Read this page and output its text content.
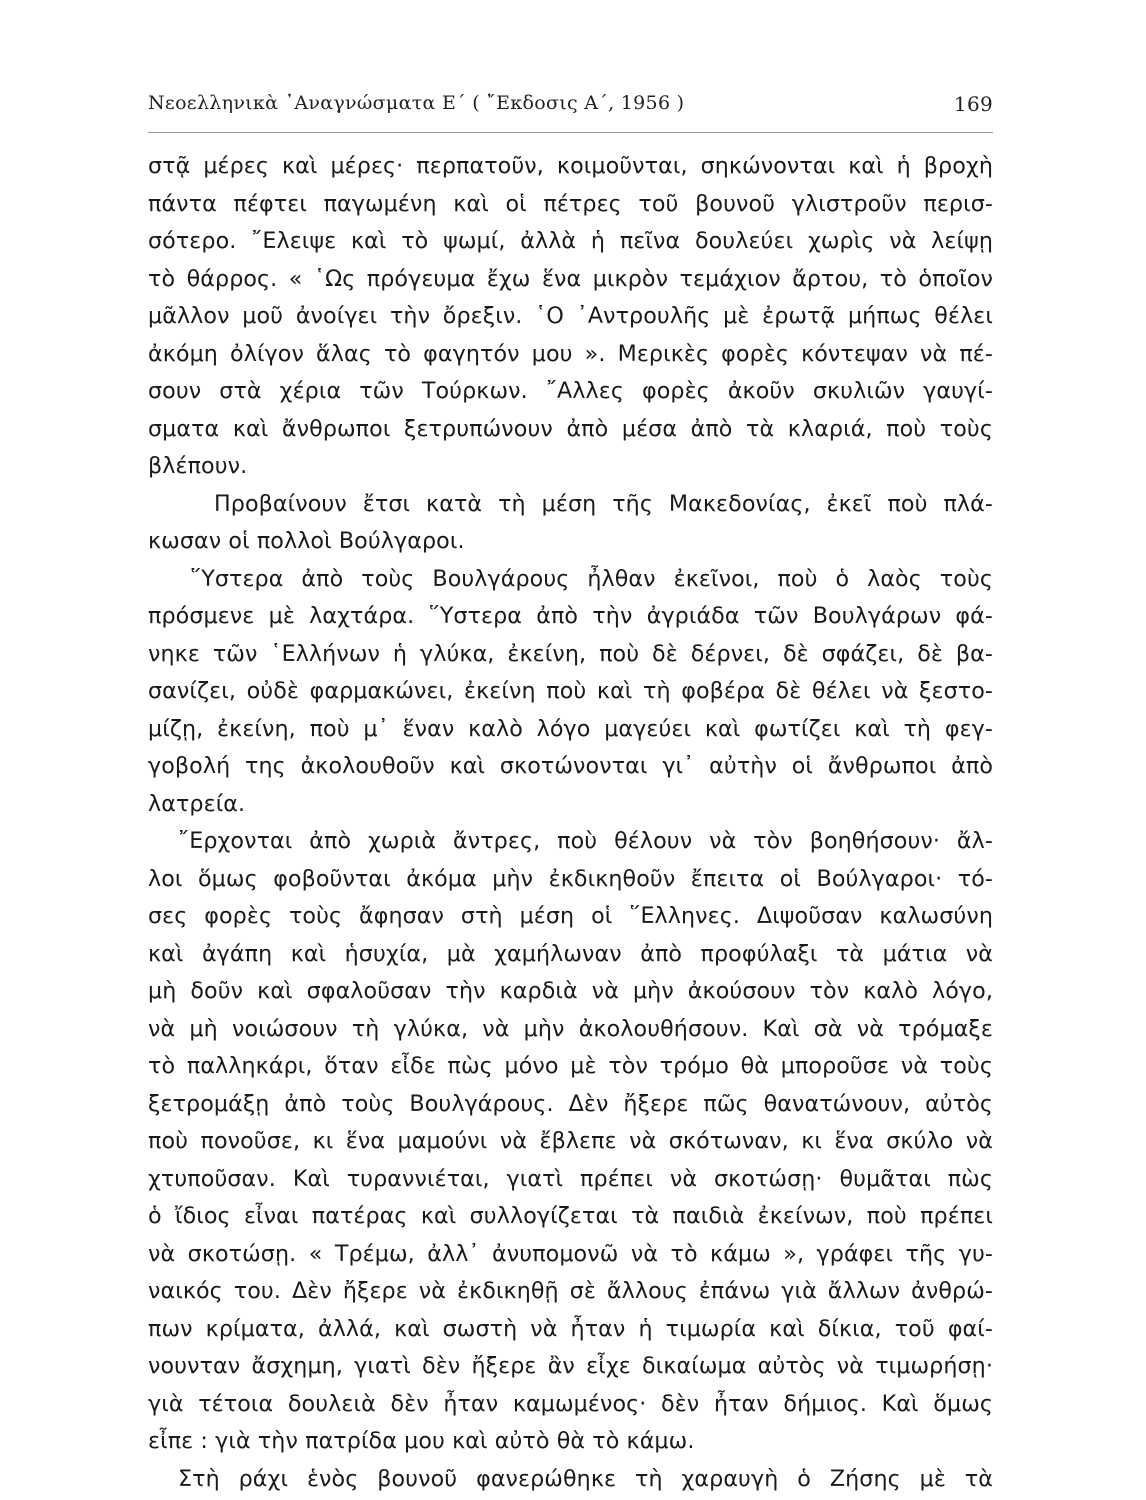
Νεοελληνικὰ ᾿Αναγνώσματα Ε΄ ( ῎Εκδοσις Α΄, 1956 )	169
στᾷ μέρες καὶ μέρες· περπατοῦν, κοιμοῦνται, σηκώνονται καὶ ἡ βροχὴ
πάντα πέφτει παγωμένη καὶ οἱ πέτρες τοῦ βουνοῦ γλιστροῦν περισ-
σότερο. ῎Ελειψε καὶ τὸ ψωμί, ἀλλὰ ἡ πεῖνα δουλεύει χωρὶς νὰ λείψῃ
τὸ θάρρος. « ῾Ως πρόγευμα ἔχω ἕνα μικρὸν τεμάχιον ἄρτου, τὸ ὁποῖον
μᾶλλον μοῦ ἀνοίγει τὴν ὄρεξιν. ῾Ο ᾿Αντρουλῆς μὲ ἐρωτᾷ μήπως θέλει
ἀκόμη ὀλίγον ἅλας τὸ φαγητόν μου ». Μερικὲς φορὲς κόντεψαν νὰ πέ-
σουν στὰ χέρια τῶν Τούρκων. ῎Αλλες φορὲς ἀκοῦν σκυλιῶν γαυγί-
σματα καὶ ἄνθρωποι ξετρυπώνουν ἀπὸ μέσα ἀπὸ τὰ κλαριά, ποὺ τοὺς
βλέπουν.
Προβαίνουν ἔτσι κατὰ τὴ μέση τῆς Μακεδονίας, ἐκεῖ ποὺ πλά-
κωσαν οἱ πολλοὶ Βούλγαροι.
῞Υστερα ἀπὸ τοὺς Βουλγάρους ἦλθαν ἐκεῖνοι, ποὺ ὁ λαὸς τοὺς
πρόσμενε μὲ λαχτάρα. ῞Υστερα ἀπὸ τὴν ἀγριάδα τῶν Βουλγάρων φά-
νηκε τῶν ῾Ελλήνων ἡ γλύκα, ἐκείνη, ποὺ δὲ δέρνει, δὲ σφάζει, δὲ βα-
σανίζει, οὐδὲ φαρμακώνει, ἐκείνη ποὺ καὶ τὴ φοβέρα δὲ θέλει νὰ ξεστο-
μίζῃ, ἐκείνη, ποὺ μ᾿ ἕναν καλὸ λόγο μαγεύει καὶ φωτίζει καὶ τὴ φεγ-
γοβολή της ἀκολουθοῦν καὶ σκοτώνονται γι᾿ αὐτὴν οἱ ἄνθρωποι ἀπὸ
λατρεία.
῎Ερχονται ἀπὸ χωριὰ ἄντρες, ποὺ θέλουν νὰ τὸν βοηθήσουν· ἄλ-
λοι ὅμως φοβοῦνται ἀκόμα μὴν ἐκδικηθοῦν ἔπειτα οἱ Βούλγαροι· τό-
σες φορὲς τοὺς ἄφησαν στὴ μέση οἱ ῞Ελληνες. Διψοῦσαν καλωσύνη
καὶ ἀγάπη καὶ ἡσυχία, μὰ χαμήλωναν ἀπὸ προφύλαξι τὰ μάτια νὰ
μὴ δοῦν καὶ σφαλοῦσαν τὴν καρδιὰ νὰ μὴν ἀκούσουν τὸν καλὸ λόγο,
νὰ μὴ νοιώσουν τὴ γλύκα, νὰ μὴν ἀκολουθήσουν. Καὶ σὰ νὰ τρόμαξε
τὸ παλληκάρι, ὅταν εἶδε πὼς μόνο μὲ τὸν τρόμο θὰ μποροῦσε νὰ τοὺς
ξετρομάξῃ ἀπὸ τοὺς Βουλγάρους. Δὲν ἤξερε πῶς θανατώνουν, αὐτὸς
ποὺ πονοῦσε, κι ἕνα μαμούνι νὰ ἔβλεπε νὰ σκότωναν, κι ἕνα σκύλο νὰ
χτυποῦσαν. Καὶ τυραννιέται, γιατὶ πρέπει νὰ σκοτώσῃ· θυμᾶται πὼς
ὁ ἴδιος εἶναι πατέρας καὶ συλλογίζεται τὰ παιδιὰ ἐκείνων, ποὺ πρέπει
νὰ σκοτώσῃ. « Τρέμω, ἀλλ᾿ ἀνυπομονῶ νὰ τὸ κάμω », γράφει τῆς γυ-
ναικός του. Δὲν ἤξερε νὰ ἐκδικηθῇ σὲ ἄλλους ἐπάνω γιὰ ἄλλων ἀνθρώ-
πων κρίματα, ἀλλά, καὶ σωστὴ νὰ ἦταν ἡ τιμωρία καὶ δίκια, τοῦ φαί-
νουνταν ἄσχημη, γιατὶ δὲν ἤξερε ἂν εἶχε δικαίωμα αὐτὸς νὰ τιμωρήσῃ·
γιὰ τέτοια δουλειὰ δὲν ἦταν καμωμένος· δὲν ἦταν δήμιος. Καὶ ὅμως
εἶπε : γιὰ τὴν πατρίδα μου καὶ αὐτὸ θὰ τὸ κάμω.
Στὴ ράχι ἑνὸς βουνοῦ φανερώθηκε τὴ χαραυγὴ ὁ Ζήσης μὲ τὰ
